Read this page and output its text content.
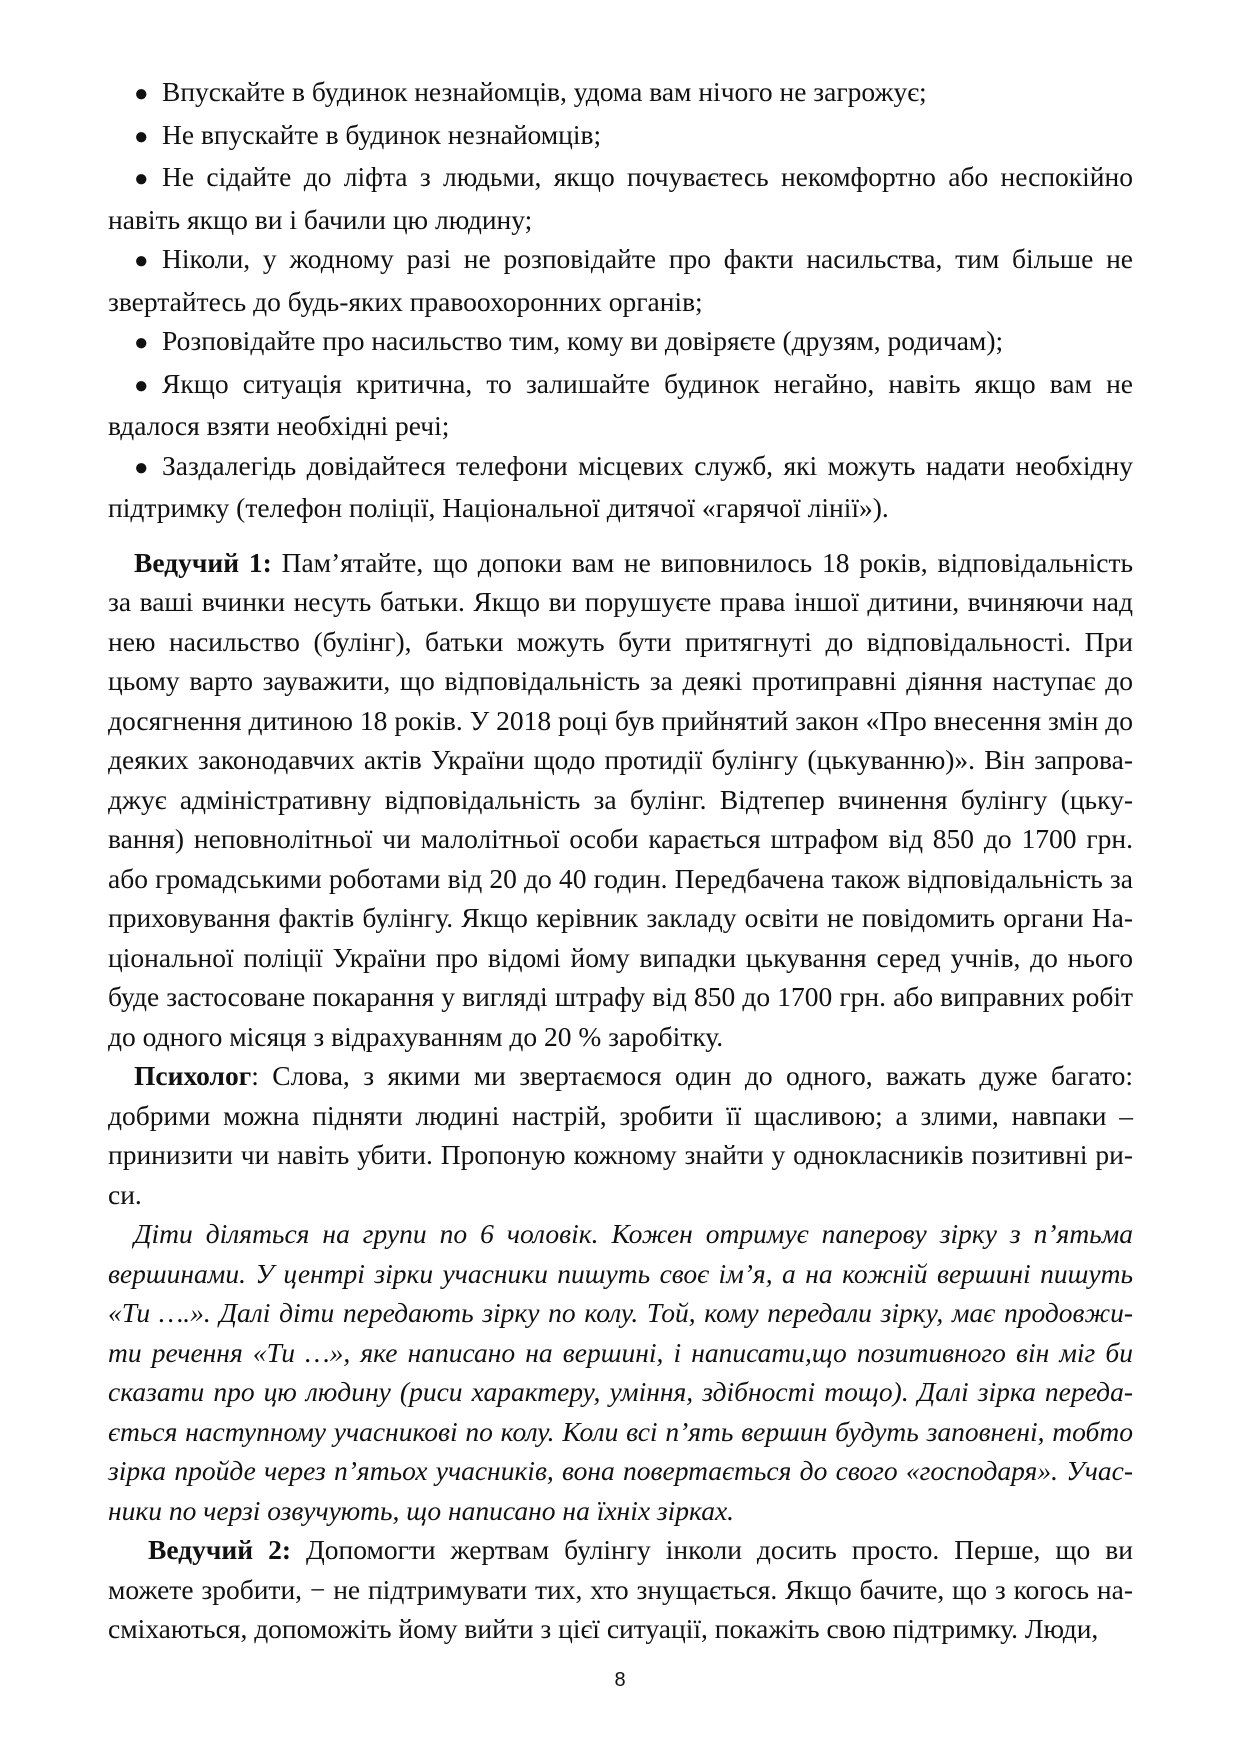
● Впускайте в будинок незнайомців, удома вам нічого не загрожує;
● Не впускайте в будинок незнайомців;
● Не сідайте до ліфта з людьми, якщо почуваєтесь некомфортно або неспокійно навіть якщо ви і бачили цю людину;
● Ніколи, у жодному разі не розповідайте про факти насильства, тим більше не звертайтесь до будь-яких правоохоронних органів;
● Розповідайте про насильство тим, кому ви довіряєте (друзям, родичам);
● Якщо ситуація критична, то залишайте будинок негайно, навіть якщо вам не вдалося взяти необхідні речі;
● Заздалегідь довідайтеся телефони місцевих служб, які можуть надати необхідну підтримку (телефон поліції, Національної дитячої «гарячої лінії»).

Ведучий 1: Пам’ятайте, що допоки вам не виповнилось 18 років, відповідальність за ваші вчинки несуть батьки. Якщо ви порушуєте права іншої дитини, вчиняючи над нею насильство (булінг), батьки можуть бути притягнуті до відповідальності. При цьому варто зауважити, що відповідальність за деякі протиправні діяння наступає до досягнення дитиною 18 років. У 2018 році був прийнятий закон «Про внесення змін до деяких законодавчих актів України щодо протидії булінгу (цькуванню)». Він запроваджує адміністративну відповідальність за булінг. Відтепер вчинення булінгу (цькування) неповнолітньої чи малолітньої особи карається штрафом від 850 до 1700 грн. або громадськими роботами від 20 до 40 годин. Передбачена також відповідальність за приховування фактів булінгу. Якщо керівник закладу освіти не повідомить органи Національної поліції України про відомі йому випадки цькування серед учнів, до нього буде застосоване покарання у вигляді штрафу від 850 до 1700 грн. або виправних робіт до одного місяця з відрахуванням до 20 % заробітку.

Психолог: Слова, з якими ми звертаємося один до одного, важать дуже багато: добрими можна підняти людині настрій, зробити її щасливою; а злими, навпаки – принизити чи навіть убити. Пропоную кожному знайти у однокласників позитивні риси.

Діти діляться на групи по 6 чоловік. Кожен отримує паперову зірку з п’ятьма вершинами. У центрі зірки учасники пишуть своє ім’я, а на кожній вершині пишуть «Ти ….». Далі діти передають зірку по колу. Той, кому передали зірку, має продовжити речення «Ти …», яке написано на вершині, і написати,що позитивного він міг би сказати про цю людину (риси характеру, уміння, здібності тощо). Далі зірка передається наступному учасникові по колу. Коли всі п’ять вершин будуть заповнені, тобто зірка пройде через п’ятьох учасників, вона повертається до свого «господаря». Учасники по черзі озвучують, що написано на їхніх зірках.

Ведучий 2: Допомогти жертвам булінгу інколи досить просто. Перше, що ви можете зробити, − не підтримувати тих, хто знущається. Якщо бачите, що з когось насміхаються, допоможіть йому вийти з цієї ситуації, покажіть свою підтримку. Люди,

8
